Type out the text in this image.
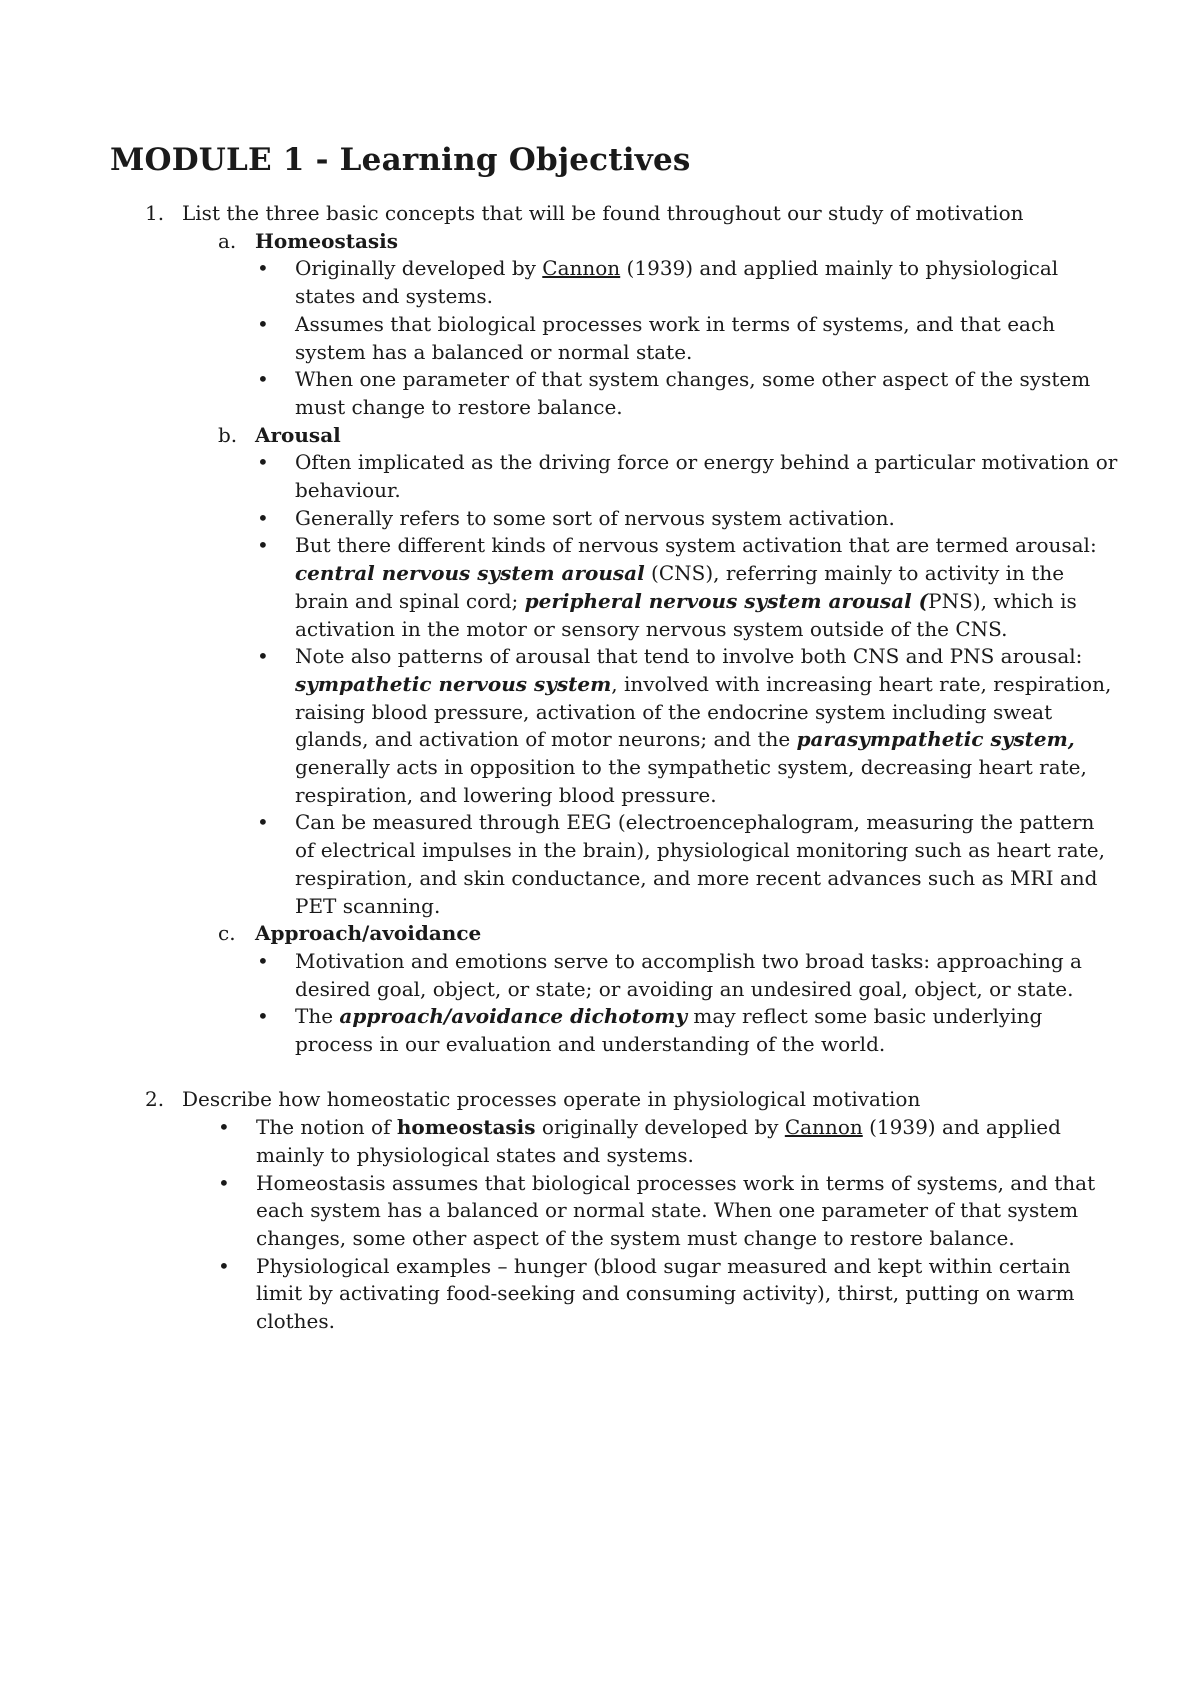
MODULE 1 - Learning Objectives
1. List the three basic concepts that will be found throughout our study of motivation

a. Homeostasis

• Originally developed by Cannon (1939) and applied mainly to physiological states and systems.

• Assumes that biological processes work in terms of systems, and that each system has a balanced or normal state.

• When one parameter of that system changes, some other aspect of the system must change to restore balance.

b. Arousal

• Often implicated as the driving force or energy behind a particular motivation or behaviour.

• Generally refers to some sort of nervous system activation.

• But there different kinds of nervous system activation that are termed arousal: central nervous system arousal (CNS), referring mainly to activity in the brain and spinal cord; peripheral nervous system arousal (PNS), which is activation in the motor or sensory nervous system outside of the CNS.

• Note also patterns of arousal that tend to involve both CNS and PNS arousal: sympathetic nervous system, involved with increasing heart rate, respiration, raising blood pressure, activation of the endocrine system including sweat glands, and activation of motor neurons; and the parasympathetic system, generally acts in opposition to the sympathetic system, decreasing heart rate, respiration, and lowering blood pressure.

• Can be measured through EEG (electroencephalogram, measuring the pattern of electrical impulses in the brain), physiological monitoring such as heart rate, respiration, and skin conductance, and more recent advances such as MRI and PET scanning.

c. Approach/avoidance

• Motivation and emotions serve to accomplish two broad tasks: approaching a desired goal, object, or state; or avoiding an undesired goal, object, or state.

• The approach/avoidance dichotomy may reflect some basic underlying process in our evaluation and understanding of the world.

2. Describe how homeostatic processes operate in physiological motivation

• The notion of homeostasis originally developed by Cannon (1939) and applied mainly to physiological states and systems.

• Homeostasis assumes that biological processes work in terms of systems, and that each system has a balanced or normal state. When one parameter of that system changes, some other aspect of the system must change to restore balance.

• Physiological examples – hunger (blood sugar measured and kept within certain limit by activating food-seeking and consuming activity), thirst, putting on warm clothes.
